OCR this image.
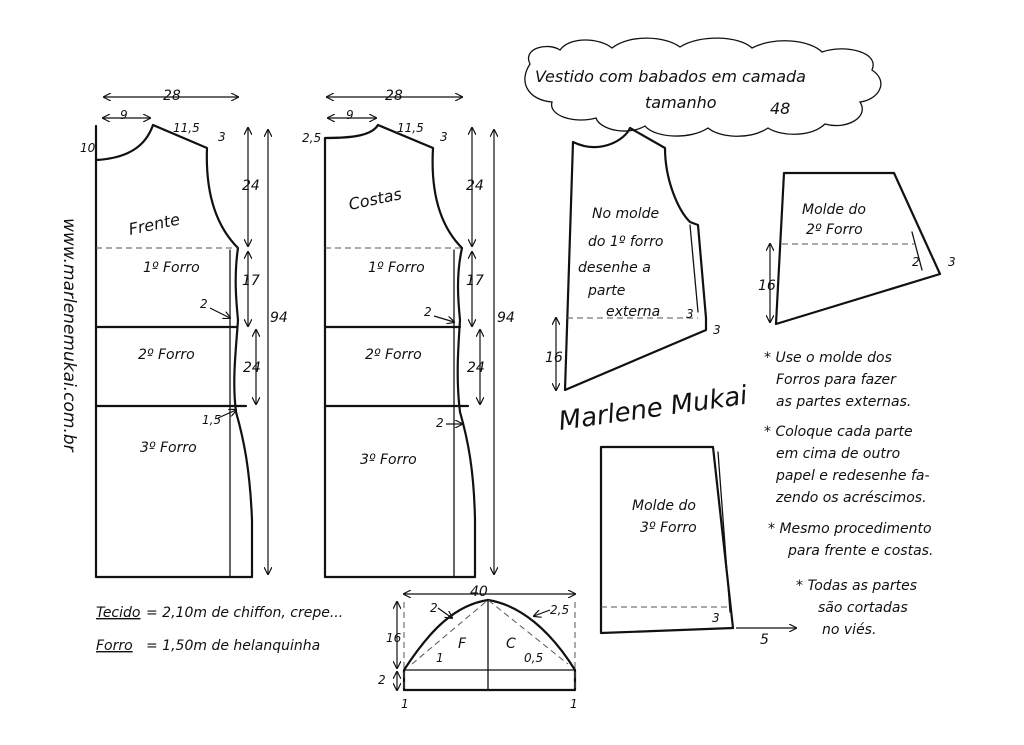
Vestido com babados em camada
tamanho	48
www.marlenemukai.com.br
28
9
10
11,5
3
Frente
1º Forro
2º Forro
3º Forro
24
17
24
94
2
1,5
28
9
2,5
11,5
3
Costas
1º Forro
2º Forro
3º Forro
24
17
24
94
2
2
No molde
do 1º forro
desenhe a
parte
externa
16
3
3
Molde do
2º Forro
16
2 3
Marlene Mukai
Molde do
3º Forro
3
5
* Use o molde dos
Forros para fazer
as partes externas.
* Coloque cada parte
em cima de outro
papel e redesenhe fa-
zendo os acréscimos.
* Mesmo procedimento
para frente e costas.
* Todas as partes
são cortadas
no viés.
Tecido = 2,10m de chiffon, crepe...
Forro = 1,50m de helanquinha
40
16
2
F	C
2
1
2,5
0,5
1	1
